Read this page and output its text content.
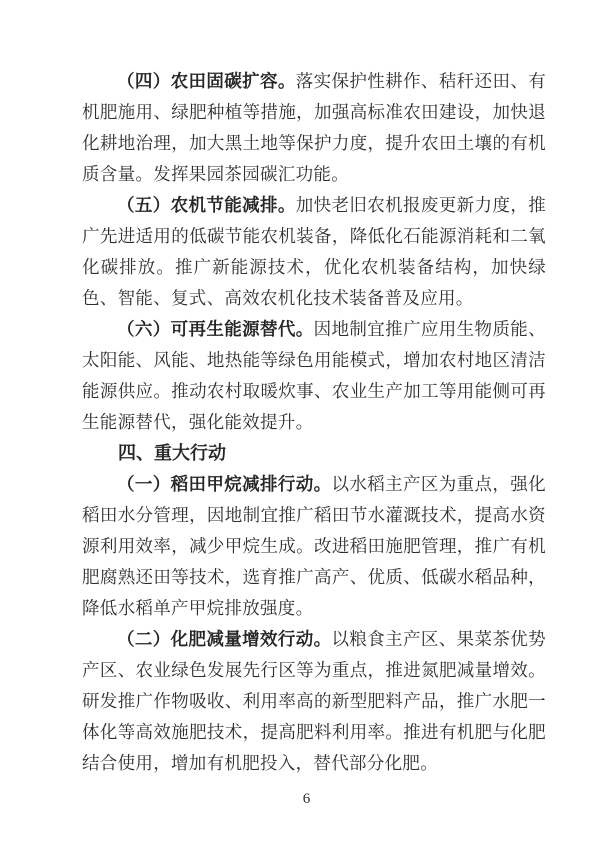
（四）农田固碳扩容。落实保护性耕作、秸秆还田、有机肥施用、绿肥种植等措施，加强高标准农田建设，加快退化耕地治理，加大黑土地等保护力度，提升农田土壤的有机质含量。发挥果园茶园碳汇功能。

（五）农机节能减排。加快老旧农机报废更新力度，推广先进适用的低碳节能农机装备，降低化石能源消耗和二氧化碳排放。推广新能源技术，优化农机装备结构，加快绿色、智能、复式、高效农机化技术装备普及应用。

（六）可再生能源替代。因地制宜推广应用生物质能、太阳能、风能、地热能等绿色用能模式，增加农村地区清洁能源供应。推动农村取暖炊事、农业生产加工等用能侧可再生能源替代，强化能效提升。

四、重大行动

（一）稻田甲烷减排行动。以水稻主产区为重点，强化稻田水分管理，因地制宜推广稻田节水灌溉技术，提高水资源利用效率，减少甲烷生成。改进稻田施肥管理，推广有机肥腐熟还田等技术，选育推广高产、优质、低碳水稻品种，降低水稻单产甲烷排放强度。

（二）化肥减量增效行动。以粮食主产区、果菜茶优势产区、农业绿色发展先行区等为重点，推进氮肥减量增效。研发推广作物吸收、利用率高的新型肥料产品，推广水肥一体化等高效施肥技术，提高肥料利用率。推进有机肥与化肥结合使用，增加有机肥投入，替代部分化肥。

6
